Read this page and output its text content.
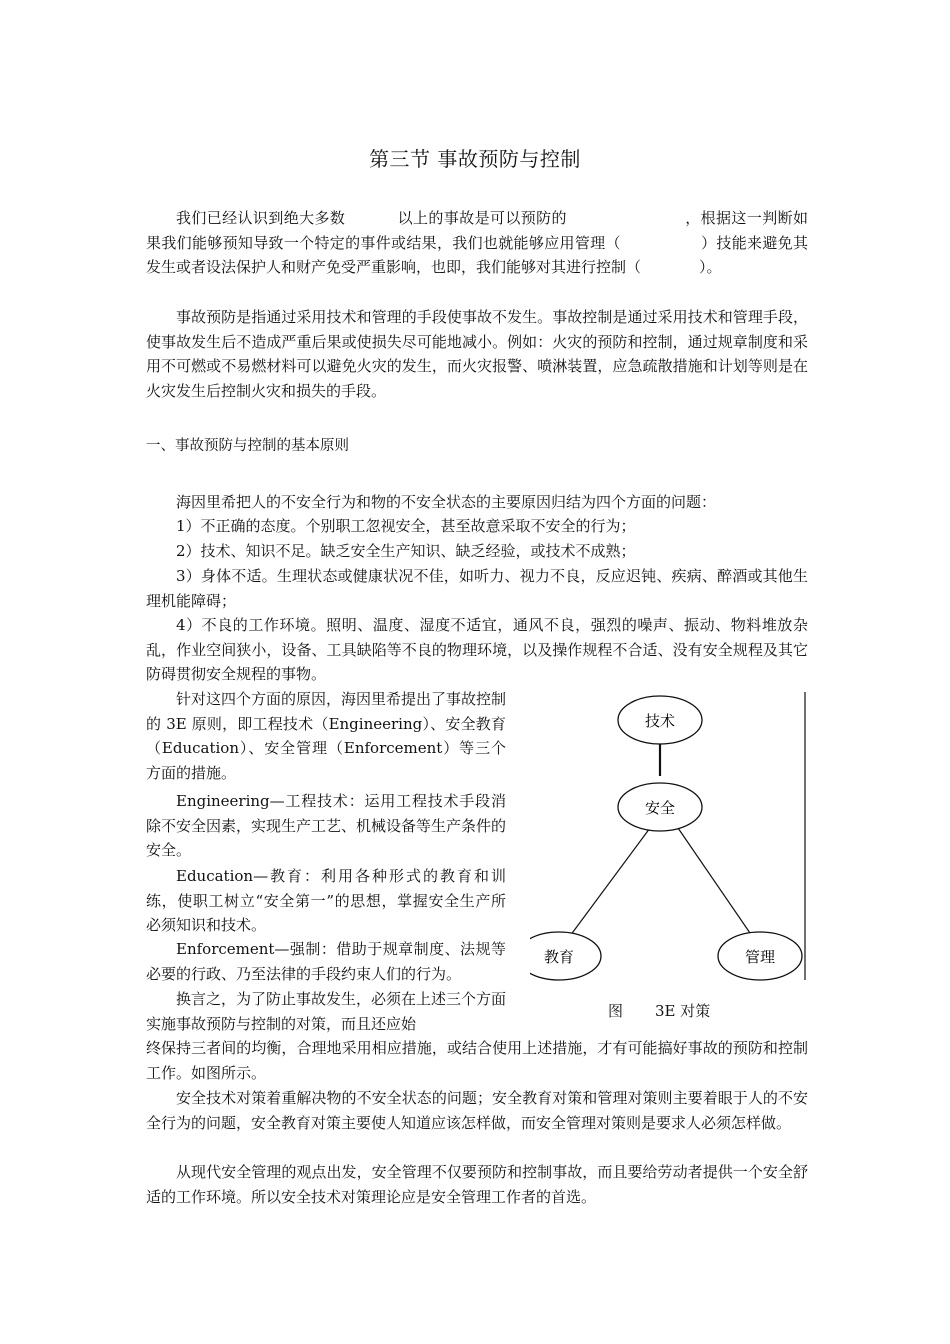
第三节 事故预防与控制

我们已经认识到绝大多数	以上的事故是可以预防的	，根据这一判断如果我们能够预知导致一个特定的事件或结果，我们也就能够应用管理（	）技能来避免其发生或者设法保护人和财产免受严重影响，也即，我们能够对其进行控制（	）。

事故预防是指通过采用技术和管理的手段使事故不发生。事故控制是通过采用技术和管理手段，使事故发生后不造成严重后果或使损失尽可能地减小。例如：火灾的预防和控制，通过规章制度和采用不可燃或不易燃材料可以避免火灾的发生，而火灾报警、喷淋装置，应急疏散措施和计划等则是在火灾发生后控制火灾和损失的手段。

一、事故预防与控制的基本原则

海因里希把人的不安全行为和物的不安全状态的主要原因归结为四个方面的问题：

1）不正确的态度。个别职工忽视安全，甚至故意采取不安全的行为；

2）技术、知识不足。缺乏安全生产知识、缺乏经验，或技术不成熟；

3）身体不适。生理状态或健康状况不佳，如听力、视力不良，反应迟钝、疾病、醉酒或其他生理机能障碍；

4）不良的工作环境。照明、温度、湿度不适宜，通风不良，强烈的噪声、振动、物料堆放杂乱，作业空间狭小，设备、工具缺陷等不良的物理环境，以及操作规程不合适、没有安全规程及其它防碍贯彻安全规程的事物。

针对这四个方面的原因，海因里希提出了事故控制的 3E 原则，即工程技术（Engineering）、安全教育（Education）、安全管理（Enforcement）等三个方面的措施。

Engineering—工程技术：运用工程技术手段消除不安全因素，实现生产工艺、机械设备等生产条件的安全。

Education—教育：利用各种形式的教育和训练，使职工树立“安全第一”的思想，掌握安全生产所必须知识和技术。

Enforcement—强制：借助于规章制度、法规等必要的行政、乃至法律的手段约束人们的行为。

换言之，为了防止事故发生，必须在上述三个方面实施事故预防与控制的对策，而且还应始

终保持三者间的均衡，合理地采用相应措施，或结合使用上述措施，才有可能搞好事故的预防和控制工作。如图所示。

安全技术对策着重解决物的不安全状态的问题；安全教育对策和管理对策则主要着眼于人的不安全行为的问题，安全教育对策主要使人知道应该怎样做，而安全管理对策则是要求人必须怎样做。

从现代安全管理的观点出发，安全管理不仅要预防和控制事故，而且要给劳动者提供一个安全舒适的工作环境。所以安全技术对策理论应是安全管理工作者的首选。

技术
安全
教育	管理
图 3E 对策
